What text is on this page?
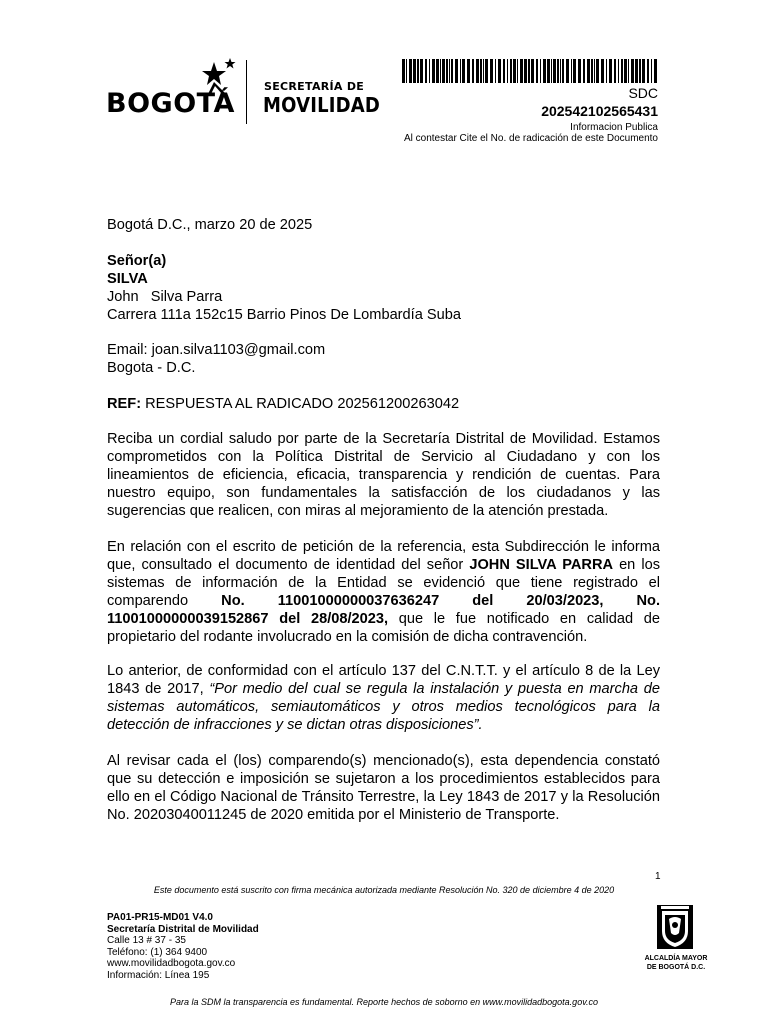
BOGOTÁ
SECRETARÍA DE
MOVILIDAD	SDC
202542102565431
Informacion Publica
Al contestar Cite el No. de radicación de este Documento
Bogotá D.C., marzo 20 de 2025
Señor(a)
SILVA
John   Silva Parra
Carrera 111a 152c15 Barrio Pinos De Lombardía Suba
Email: joan.silva1103@gmail.com
Bogota - D.C.
REF: RESPUESTA AL RADICADO 202561200263042
Reciba un cordial saludo por parte de la Secretaría Distrital de Movilidad. Estamos comprometidos con la Política Distrital de Servicio al Ciudadano y con los lineamientos de eficiencia, eficacia, transparencia y rendición de cuentas. Para nuestro equipo, son fundamentales la satisfacción de los ciudadanos y las sugerencias que realicen, con miras al mejoramiento de la atención prestada.
En relación con el escrito de petición de la referencia, esta Subdirección le informa que, consultado el documento de identidad del señor JOHN SILVA PARRA en los sistemas de información de la Entidad se evidenció que tiene registrado el comparendo No. 11001000000037636247 del 20/03/2023, No. 11001000000039152867 del 28/08/2023, que le fue notificado en calidad de propietario del rodante involucrado en la comisión de dicha contravención.
Lo anterior, de conformidad con el artículo 137 del C.N.T.T. y el artículo 8 de la Ley 1843 de 2017, “Por medio del cual se regula la instalación y puesta en marcha de sistemas automáticos, semiautomáticos y otros medios tecnológicos para la detección de infracciones y se dictan otras disposiciones”.
Al revisar cada el (los) comparendo(s) mencionado(s), esta dependencia constató que su detección e imposición se sujetaron a los procedimientos establecidos para ello en el Código Nacional de Tránsito Terrestre, la Ley 1843 de 2017 y la Resolución No. 20203040011245 de 2020 emitida por el Ministerio de Transporte.
1
Este documento está suscrito con firma mecánica autorizada mediante Resolución No. 320 de diciembre 4 de 2020
PA01-PR15-MD01 V4.0
Secretaría Distrital de Movilidad
Calle 13 # 37 - 35
Teléfono: (1) 364 9400
www.movilidadbogota.gov.co
Información: Línea 195
ALCALDÍA MAYOR
DE BOGOTÁ D.C.
Para la SDM la transparencia es fundamental. Reporte hechos de soborno en www.movilidadbogota.gov.co
